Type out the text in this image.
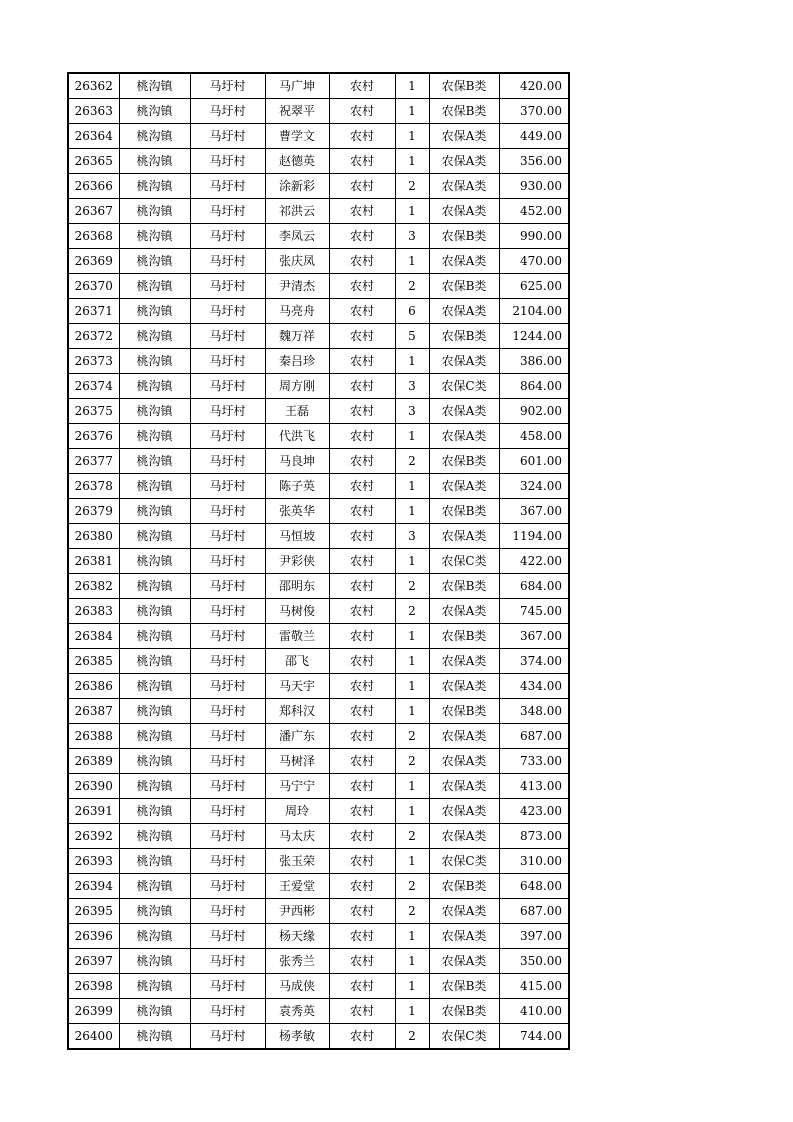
26362	桃沟镇	马圩村	马广坤	农村	1	农保B类	420.00
26363	桃沟镇	马圩村	祝翠平	农村	1	农保B类	370.00
26364	桃沟镇	马圩村	曹学文	农村	1	农保A类	449.00
26365	桃沟镇	马圩村	赵德英	农村	1	农保A类	356.00
26366	桃沟镇	马圩村	涂新彩	农村	2	农保A类	930.00
26367	桃沟镇	马圩村	祁洪云	农村	1	农保A类	452.00
26368	桃沟镇	马圩村	李凤云	农村	3	农保B类	990.00
26369	桃沟镇	马圩村	张庆凤	农村	1	农保A类	470.00
26370	桃沟镇	马圩村	尹清杰	农村	2	农保B类	625.00
26371	桃沟镇	马圩村	马亮舟	农村	6	农保A类	2104.00
26372	桃沟镇	马圩村	魏万祥	农村	5	农保B类	1244.00
26373	桃沟镇	马圩村	秦吕珍	农村	1	农保A类	386.00
26374	桃沟镇	马圩村	周方刚	农村	3	农保C类	864.00
26375	桃沟镇	马圩村	王磊	农村	3	农保A类	902.00
26376	桃沟镇	马圩村	代洪飞	农村	1	农保A类	458.00
26377	桃沟镇	马圩村	马良坤	农村	2	农保B类	601.00
26378	桃沟镇	马圩村	陈子英	农村	1	农保A类	324.00
26379	桃沟镇	马圩村	张英华	农村	1	农保B类	367.00
26380	桃沟镇	马圩村	马恒坡	农村	3	农保A类	1194.00
26381	桃沟镇	马圩村	尹彩侠	农村	1	农保C类	422.00
26382	桃沟镇	马圩村	邵明东	农村	2	农保B类	684.00
26383	桃沟镇	马圩村	马树俊	农村	2	农保A类	745.00
26384	桃沟镇	马圩村	雷敬兰	农村	1	农保B类	367.00
26385	桃沟镇	马圩村	邵飞	农村	1	农保A类	374.00
26386	桃沟镇	马圩村	马天宇	农村	1	农保A类	434.00
26387	桃沟镇	马圩村	郑科汉	农村	1	农保B类	348.00
26388	桃沟镇	马圩村	潘广东	农村	2	农保A类	687.00
26389	桃沟镇	马圩村	马树泽	农村	2	农保A类	733.00
26390	桃沟镇	马圩村	马宁宁	农村	1	农保A类	413.00
26391	桃沟镇	马圩村	周玲	农村	1	农保A类	423.00
26392	桃沟镇	马圩村	马太庆	农村	2	农保A类	873.00
26393	桃沟镇	马圩村	张玉荣	农村	1	农保C类	310.00
26394	桃沟镇	马圩村	王爱堂	农村	2	农保B类	648.00
26395	桃沟镇	马圩村	尹西彬	农村	2	农保A类	687.00
26396	桃沟镇	马圩村	杨天缘	农村	1	农保A类	397.00
26397	桃沟镇	马圩村	张秀兰	农村	1	农保A类	350.00
26398	桃沟镇	马圩村	马成侠	农村	1	农保B类	415.00
26399	桃沟镇	马圩村	袁秀英	农村	1	农保B类	410.00
26400	桃沟镇	马圩村	杨孝敏	农村	2	农保C类	744.00
